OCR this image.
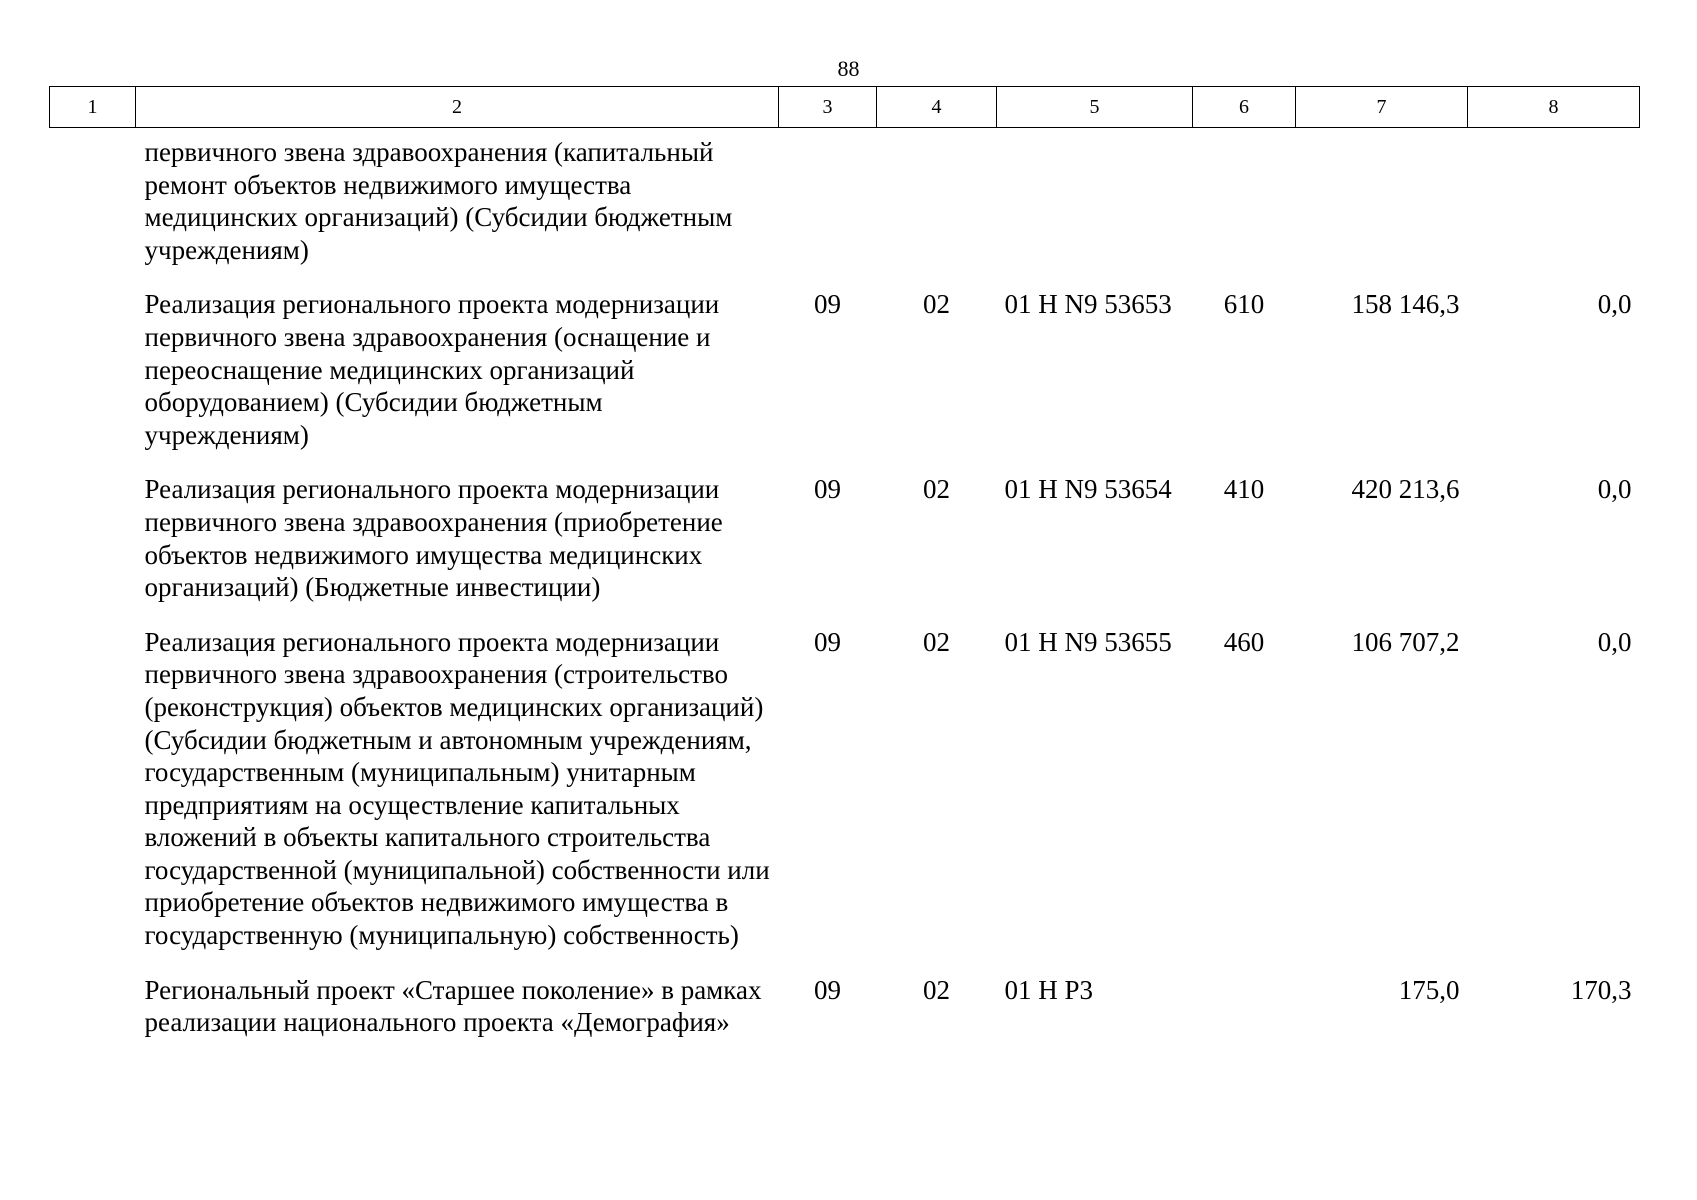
88
1	2	3	4	5	6	7	8
	первичного звена здравоохранения (капитальный ремонт объектов недвижимого имущества медицинских организаций) (Субсидии бюджетным учреждениям)						
	Реализация регионального проекта модернизации первичного звена здравоохранения (оснащение и переоснащение медицинских организаций оборудованием) (Субсидии бюджетным учреждениям)	09	02	01 Н N9 53653	610	158 146,3	0,0
	Реализация регионального проекта модернизации первичного звена здравоохранения (приобретение объектов недвижимого имущества медицинских организаций) (Бюджетные инвестиции)	09	02	01 Н N9 53654	410	420 213,6	0,0
	Реализация регионального проекта модернизации первичного звена здравоохранения (строительство (реконструкция) объектов медицинских организаций) (Субсидии бюджетным и автономным учреждениям, государственным (муниципальным) унитарным предприятиям на осуществление капитальных вложений в объекты капитального строительства государственной (муниципальной) собственности или приобретение объектов недвижимого имущества в государственную (муниципальную) собственность)	09	02	01 Н N9 53655	460	106 707,2	0,0
	Региональный проект «Старшее поколение» в рамках реализации национального проекта «Демография»	09	02	01 Н P3		175,0	170,3
